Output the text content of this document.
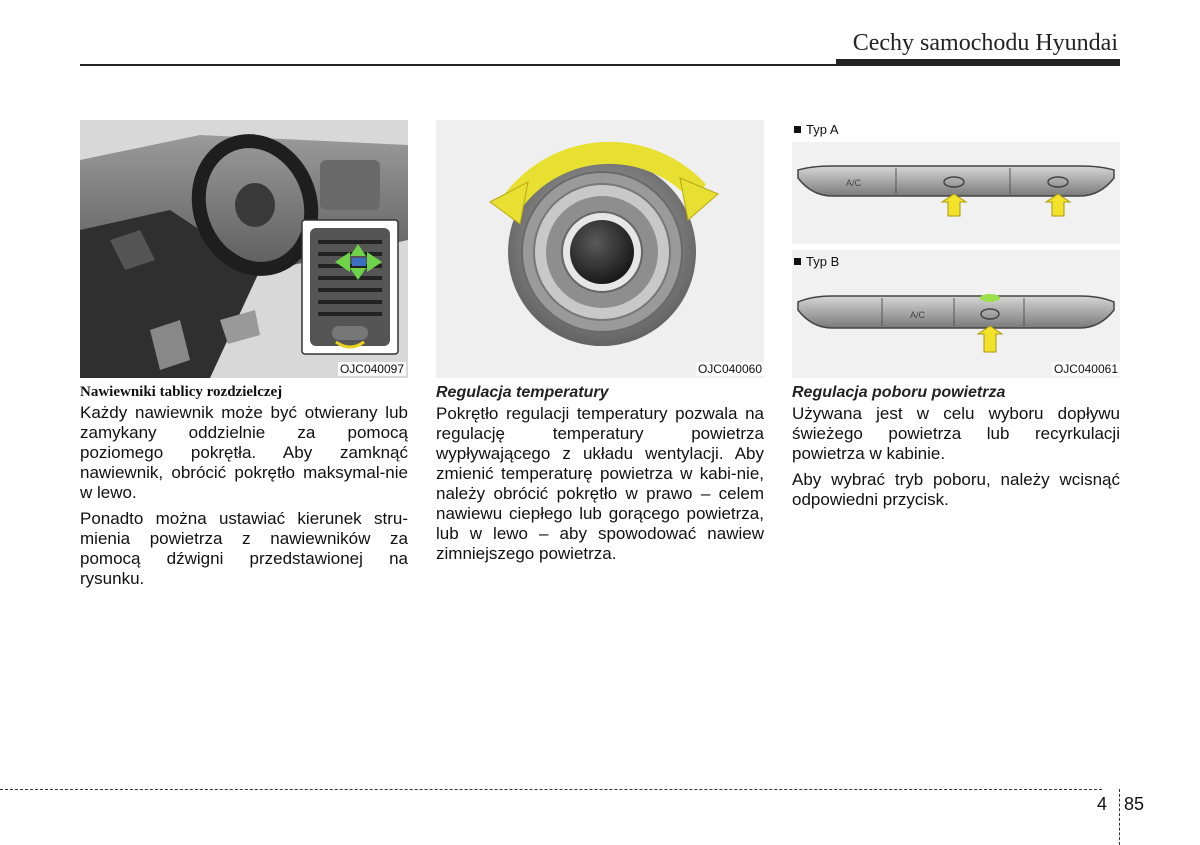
Cechy samochodu Hyundai
OJC040097
Nawiewniki tablicy rozdzielczej

Każdy nawiewnik może być otwierany lub zamykany oddzielnie za pomocą poziomego pokrętła. Aby zamknąć nawiewnik, obrócić pokrętło maksymal-nie w lewo.

Ponadto można ustawiać kierunek stru-mienia powietrza z nawiewników za pomocą dźwigni przedstawionej na rysunku.

OJC040060
Regulacja temperatury

Pokrętło regulacji temperatury pozwala na regulację temperatury powietrza wypływającego z układu wentylacji. Aby zmienić temperaturę powietrza w kabi-nie, należy obrócić pokrętło w prawo – celem nawiewu ciepłego lub gorącego powietrza, lub w lewo – aby spowodować nawiew zimniejszego powietrza.

Typ A
A/C
A/C
Typ B
OJC040061
Regulacja poboru powietrza

Używana jest w celu wyboru dopływu świeżego powietrza lub recyrkulacji powietrza w kabinie.

Aby wybrać tryb poboru, należy wcisnąć odpowiedni przycisk.

4 85
